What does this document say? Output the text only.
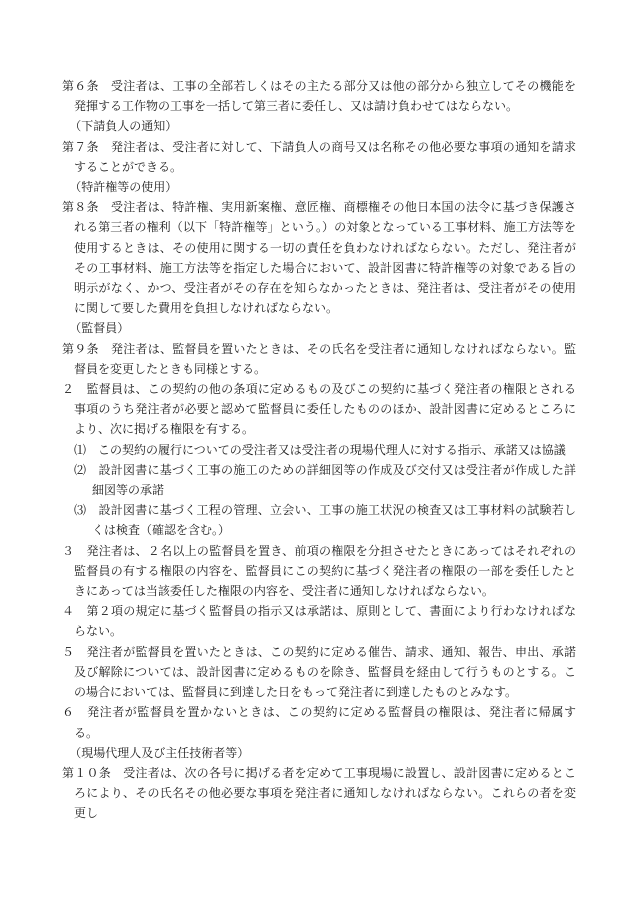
第６条　受注者は、工事の全部若しくはその主たる部分又は他の部分から独立してその機能を発揮する工作物の工事を一括して第三者に委任し、又は請け負わせてはならない。

（下請負人の通知）

第７条　発注者は、受注者に対して、下請負人の商号又は名称その他必要な事項の通知を請求することができる。

（特許権等の使用）

第８条　受注者は、特許権、実用新案権、意匠権、商標権その他日本国の法令に基づき保護される第三者の権利（以下「特許権等」という。）の対象となっている工事材料、施工方法等を使用するときは、その使用に関する一切の責任を負わなければならない。ただし、発注者がその工事材料、施工方法等を指定した場合において、設計図書に特許権等の対象である旨の明示がなく、かつ、受注者がその存在を知らなかったときは、発注者は、受注者がその使用に関して要した費用を負担しなければならない。

（監督員）

第９条　発注者は、監督員を置いたときは、その氏名を受注者に通知しなければならない。監督員を変更したときも同様とする。

２　監督員は、この契約の他の条項に定めるもの及びこの契約に基づく発注者の権限とされる事項のうち発注者が必要と認めて監督員に委任したもののほか、設計図書に定めるところにより、次に掲げる権限を有する。

⑴　この契約の履行についての受注者又は受注者の現場代理人に対する指示、承諾又は協議

⑵　設計図書に基づく工事の施工のための詳細図等の作成及び交付又は受注者が作成した詳細図等の承諾

⑶　設計図書に基づく工程の管理、立会い、工事の施工状況の検査又は工事材料の試験若しくは検査（確認を含む。）

３　発注者は、２名以上の監督員を置き、前項の権限を分担させたときにあってはそれぞれの監督員の有する権限の内容を、監督員にこの契約に基づく発注者の権限の一部を委任したときにあっては当該委任した権限の内容を、受注者に通知しなければならない。

４　第２項の規定に基づく監督員の指示又は承諾は、原則として、書面により行わなければならない。

５　発注者が監督員を置いたときは、この契約に定める催告、請求、通知、報告、申出、承諾及び解除については、設計図書に定めるものを除き、監督員を経由して行うものとする。この場合においては、監督員に到達した日をもって発注者に到達したものとみなす。

６　発注者が監督員を置かないときは、この契約に定める監督員の権限は、発注者に帰属する。

（現場代理人及び主任技術者等）

第１０条　受注者は、次の各号に掲げる者を定めて工事現場に設置し、設計図書に定めるところにより、その氏名その他必要な事項を発注者に通知しなければならない。これらの者を変更し
